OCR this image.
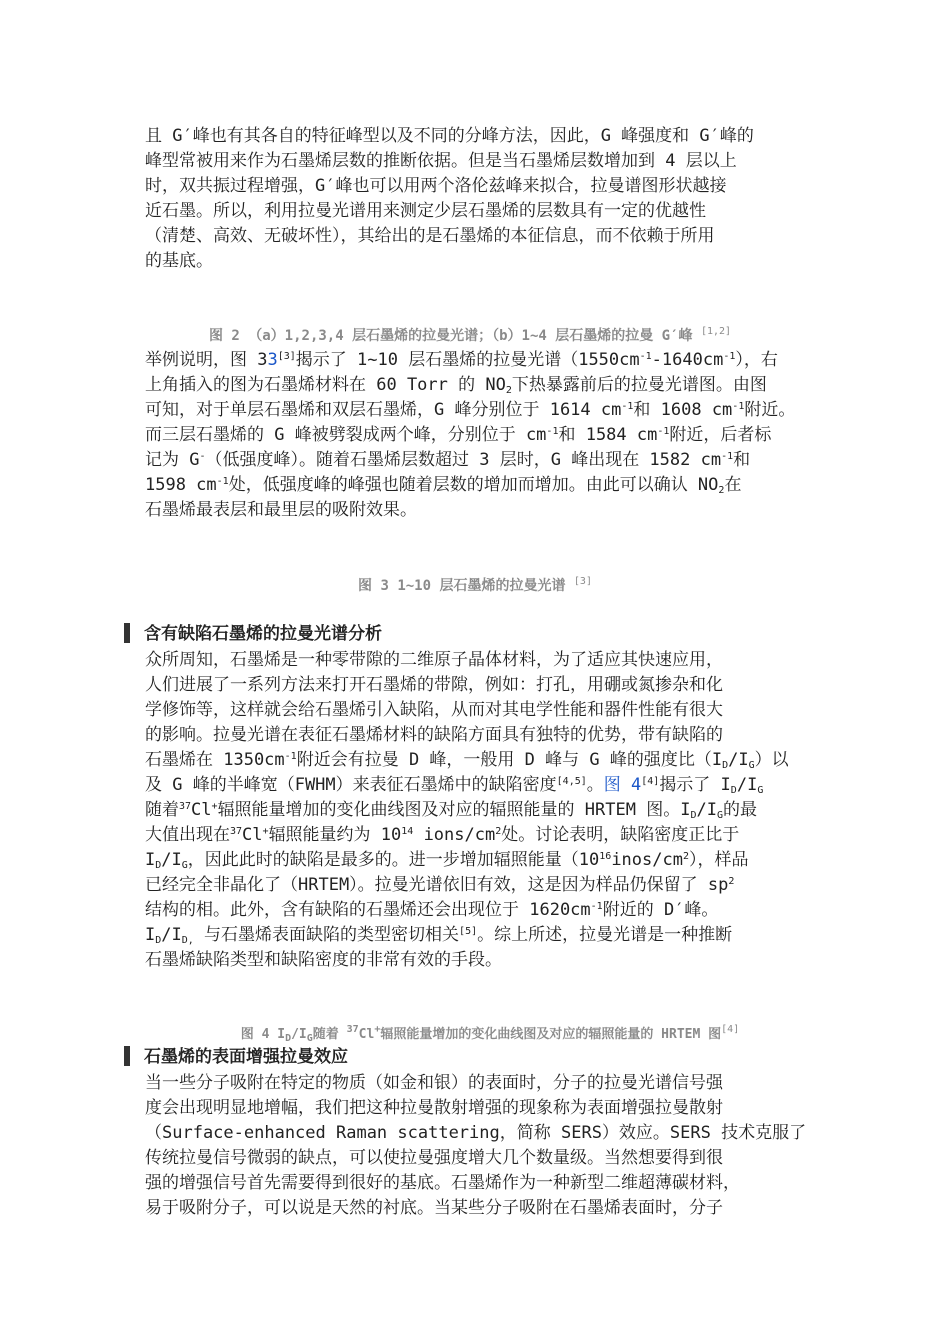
且 G′峰也有其各自的特征峰型以及不同的分峰方法，因此，G 峰强度和 G′峰的
峰型常被用来作为石墨烯层数的推断依据。但是当石墨烯层数增加到 4 层以上
时，双共振过程增强，G′峰也可以用两个洛伦兹峰来拟合，拉曼谱图形状越接
近石墨。所以，利用拉曼光谱用来测定少层石墨烯的层数具有一定的优越性
（清楚、高效、无破坏性），其给出的是石墨烯的本征信息，而不依赖于所用
的基底。
图 2 （a）1,2,3,4 层石墨烯的拉曼光谱；（b）1~4 层石墨烯的拉曼 G′峰 [1,2]
举例说明，图 33[3]揭示了 1~10 层石墨烯的拉曼光谱$(1550cm^{-1}-1640cm^{-1})$，右
上角插入的图为石墨烯材料在 60 Torr 的 $NO_2$下热暴露前后的拉曼光谱图。由图
可知，对于单层石墨烯和双层石墨烯，G 峰分别位于 1614 $cm^{-1}$和 1608 $cm^{-1}$附近。
而三层石墨烯的 G 峰被劈裂成两个峰，分别位于 $cm^{-1}$和 1584 $cm^{-1}$附近，后者标
记为 G-（低强度峰）。随着石墨烯层数超过 3 层时，G 峰出现在 1582 $cm^{-1}$和
1598 $cm^{-1}$处，低强度峰的峰强也随着层数的增加而增加。由此可以确认 $NO_2$在
石墨烯最表层和最里层的吸附效果。
图 3 1~10 层石墨烯的拉曼光谱 [3]
含有缺陷石墨烯的拉曼光谱分析
众所周知，石墨烯是一种零带隙的二维原子晶体材料，为了适应其快速应用，
人们进展了一系列方法来打开石墨烯的带隙，例如：打孔，用硼或氮掺杂和化
学修饰等，这样就会给石墨烯引入缺陷，从而对其电学性能和器件性能有很大
的影响。拉曼光谱在表征石墨烯材料的缺陷方面具有独特的优势，带有缺陷的
石墨烯在 $1350cm^{-1}$附近会有拉曼 D 峰，一般用 D 峰与 G 峰的强度比$(I_D/I_G)$以
及 G 峰的半峰宽（FWHM）来表征石墨烯中的缺陷密度[4,5]。图 4[4]揭示了 $I_D/I_G$
随着$^{37}$Cl+辐照能量增加的变化曲线图及对应的辐照能量的 HRTEM 图。$I_D/I_G$的最
大值出现在$^{37}$Cl+辐照能量约为 $10^{14}$ ions/$cm^2$处。讨论表明，缺陷密度正比于
$I_D/I_G$，因此此时的缺陷是最多的。进一步增加辐照能量$(10^{16}inos/cm^2)$，样品
已经完全非晶化了（HRTEM）。拉曼光谱依旧有效，这是因为样品仍保留了 $sp^2$
结构的相。此外，含有缺陷的石墨烯还会出现位于 $1620cm^{-1}$附近的 D′峰。
$I_D/I_{D,}$ 与石墨烯表面缺陷的类型密切相关[5]。综上所述，拉曼光谱是一种推断
石墨烯缺陷类型和缺陷密度的非常有效的手段。
图 4 $I_D/I_G$随着 $^{37}$Cl+辐照能量增加的变化曲线图及对应的辐照能量的 HRTEM 图[4]
石墨烯的表面增强拉曼效应
当一些分子吸附在特定的物质（如金和银）的表面时，分子的拉曼光谱信号强
度会出现明显地增幅，我们把这种拉曼散射增强的现象称为表面增强拉曼散射
（Surface-enhanced Raman scattering，简称 SERS）效应。SERS 技术克服了
传统拉曼信号微弱的缺点，可以使拉曼强度增大几个数量级。当然想要得到很
强的增强信号首先需要得到很好的基底。石墨烯作为一种新型二维超薄碳材料，
易于吸附分子，可以说是天然的衬底。当某些分子吸附在石墨烯表面时，分子
